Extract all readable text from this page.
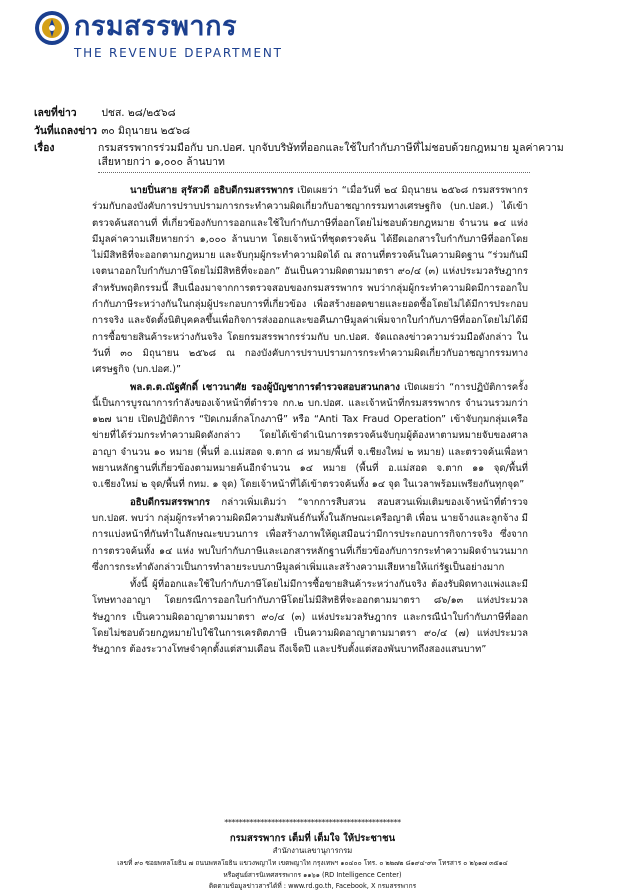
กรมสรรพากร
THE REVENUE DEPARTMENT
เลขที่ข่าว ปชส. ๒๘/๒๕๖๘
วันที่แถลงข่าว ๓๐ มิถุนายน ๒๕๖๘
เรื่อง	กรมสรรพากรร่วมมือกับ บก.ปอศ. บุกจับบริษัทที่ออกและใช้ใบกำกับภาษีที่ไม่ชอบด้วยกฎหมาย มูลค่าความเสียหายกว่า ๑,๐๐๐ ล้านบาท

นายปิ่นสาย สุรัสวดี อธิบดีกรมสรรพากร เปิดเผยว่า “เมื่อวันที่ ๒๔ มิถุนายน ๒๕๖๘ กรมสรรพากร ร่วมกับกองบังคับการปราบปรามการกระทำความผิดเกี่ยวกับอาชญากรรมทางเศรษฐกิจ (บก.ปอศ.) ได้เข้าตรวจค้นสถานที่ ที่เกี่ยวข้องกับการออกและใช้ใบกำกับภาษีที่ออกโดยไม่ชอบด้วยกฎหมาย จำนวน ๑๔ แห่ง มีมูลค่าความเสียหายกว่า ๑,๐๐๐ ล้านบาท โดยเจ้าหน้าที่ชุดตรวจค้น ได้ยึดเอกสารใบกำกับภาษีที่ออกโดยไม่มีสิทธิที่จะออกตามกฎหมาย และจับกุมผู้กระทำความผิดได้ ณ สถานที่ตรวจค้นในความผิดฐาน “ร่วมกันมีเจตนาออกใบกำกับภาษีโดยไม่มีสิทธิที่จะออก” อันเป็นความผิดตามมาตรา ๙๐/๔ (๓) แห่งประมวลรัษฎากร สำหรับพฤติกรรมนี้ สืบเนื่องมาจากการตรวจสอบของกรมสรรพากร พบว่ากลุ่มผู้กระทำความผิดมีการออกใบกำกับภาษีระหว่างกันในกลุ่มผู้ประกอบการที่เกี่ยวข้อง เพื่อสร้างยอดขายและยอดซื้อโดยไม่ได้มีการประกอบการจริง และจัดตั้งนิติบุคคลขึ้นเพื่อกิจการส่งออกและขอคืนภาษีมูลค่าเพิ่มจากใบกำกับภาษีที่ออกโดยไม่ได้มีการซื้อขายสินค้าระหว่างกันจริง โดยกรมสรรพากรร่วมกับ บก.ปอศ. จัดแถลงข่าวความร่วมมือดังกล่าว ในวันที่ ๓๐ มิถุนายน ๒๕๖๘ ณ กองบังคับการปราบปรามการกระทำความผิดเกี่ยวกับอาชญากรรมทางเศรษฐกิจ (บก.ปอศ.)”

พล.ต.ต.ณัฐศักดิ์ เชาวนาศัย รองผู้บัญชาการตำรวจสอบสวนกลาง เปิดเผยว่า “การปฏิบัติการครั้งนี้เป็นการบูรณาการกำลังของเจ้าหน้าที่ตำรวจ กก.๒ บก.ปอศ. และเจ้าหน้าที่กรมสรรพากร จำนวนรวมกว่า ๑๒๗ นาย เปิดปฏิบัติการ “ปิดเกมส์กลโกงภาษี” หรือ “Anti Tax Fraud Operation” เข้าจับกุมกลุ่มเครือข่ายที่ได้ร่วมกระทำความผิดดังกล่าว โดยได้เข้าดำเนินการตรวจค้นจับกุมผู้ต้องหาตามหมายจับของศาลอาญา จำนวน ๑๐ หมาย (พื้นที่ อ.แม่สอด จ.ตาก ๘ หมาย/พื้นที่ จ.เชียงใหม่ ๒ หมาย) และตรวจค้นเพื่อหาพยานหลักฐานที่เกี่ยวข้องตามหมายค้นอีกจำนวน ๑๔ หมาย (พื้นที่ อ.แม่สอด จ.ตาก ๑๑ จุด/พื้นที่ จ.เชียงใหม่ ๒ จุด/พื้นที่ กทม. ๑ จุด) โดยเจ้าหน้าที่ได้เข้าตรวจค้นทั้ง ๑๔ จุด ในเวลาพร้อมเพรียงกันทุกจุด”

อธิบดีกรมสรรพากร กล่าวเพิ่มเติมว่า “จากการสืบสวน สอบสวนเพิ่มเติมของเจ้าหน้าที่ตำรวจ บก.ปอศ. พบว่า กลุ่มผู้กระทำความผิดมีความสัมพันธ์กันทั้งในลักษณะเครือญาติ เพื่อน นายจ้างและลูกจ้าง มีการแบ่งหน้าที่กันทำในลักษณะขบวนการ เพื่อสร้างภาพให้ดูเสมือนว่ามีการประกอบการกิจการจริง ซึ่งจากการตรวจค้นทั้ง ๑๔ แห่ง พบใบกำกับภาษีและเอกสารหลักฐานที่เกี่ยวข้องกับการกระทำความผิดจำนวนมาก ซึ่งการกระทำดังกล่าวเป็นการทำลายระบบภาษีมูลค่าเพิ่มและสร้างความเสียหายให้แก่รัฐเป็นอย่างมาก

ทั้งนี้ ผู้ที่ออกและใช้ใบกำกับภาษีโดยไม่มีการซื้อขายสินค้าระหว่างกันจริง ต้องรับผิดทางแพ่งและมีโทษทางอาญา โดยกรณีการออกใบกำกับภาษีโดยไม่มีสิทธิที่จะออกตามมาตรา ๘๖/๑๓ แห่งประมวลรัษฎากร เป็นความผิดอาญาตามมาตรา ๙๐/๔ (๓) แห่งประมวลรัษฎากร และกรณีนำใบกำกับภาษีที่ออกโดยไม่ชอบด้วยกฎหมายไปใช้ในการเครดิตภาษี เป็นความผิดอาญาตามมาตรา ๙๐/๔ (๗) แห่งประมวลรัษฎากร ต้องระวางโทษจำคุกตั้งแต่สามเดือน ถึงเจ็ดปี และปรับตั้งแต่สองพันบาทถึงสองแสนบาท”

*************************************************
กรมสรรพากร เต็มที่ เต็มใจ ให้ประชาชน
สำนักงานเลขานุการกรม
เลขที่ ๙๐ ซอยพหลโยธิน ๗ ถนนพหลโยธิน แขวงพญาไท เขตพญาไท กรุงเทพฯ ๑๐๔๐๐ โทร. ๐ ๒๒๗๒ ๘๑๙๔-๙๓ โทรสาร ๐ ๒๖๑๗ ๓๕๑๔
หรือศูนย์สารนิเทศสรรพากร ๑๑๖๑ (RD Intelligence Center)
ติดตามข้อมูลข่าวสารได้ที่ : www.rd.go.th, Facebook, X กรมสรรพากร
